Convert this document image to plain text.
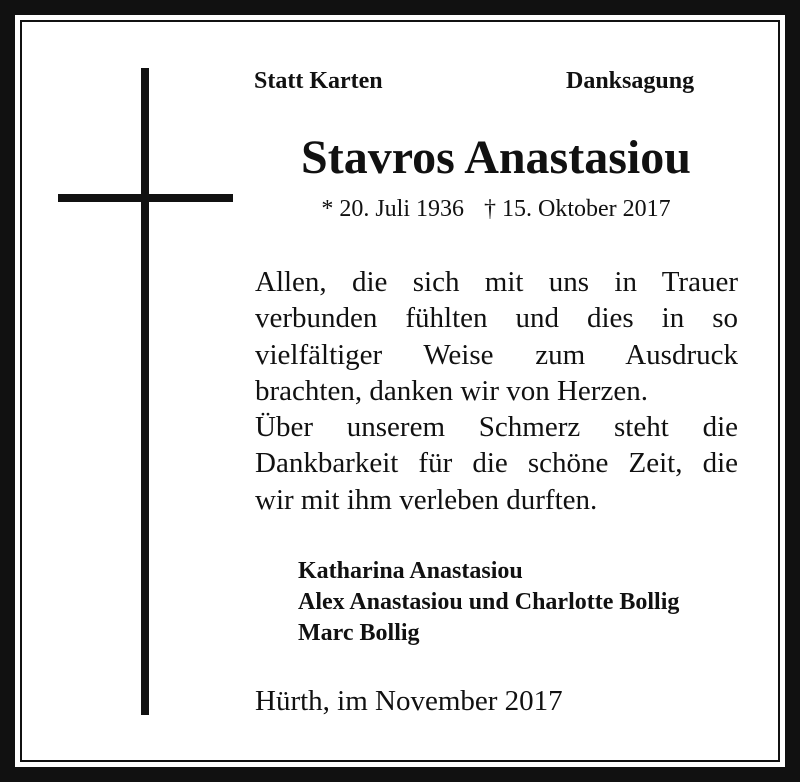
Statt Karten	Danksagung

Stavros Anastasiou
* 20. Juli 1936 † 15. Oktober 2017

Allen, die sich mit uns in Trauer
verbunden fühlten und dies in so
vielfältiger Weise zum Ausdruck
brachten, danken wir von Herzen.
Über unserem Schmerz steht die
Dankbarkeit für die schöne Zeit, die
wir mit ihm verleben durften.

Katharina Anastasiou
Alex Anastasiou und Charlotte Bollig
Marc Bollig

Hürth, im November 2017
